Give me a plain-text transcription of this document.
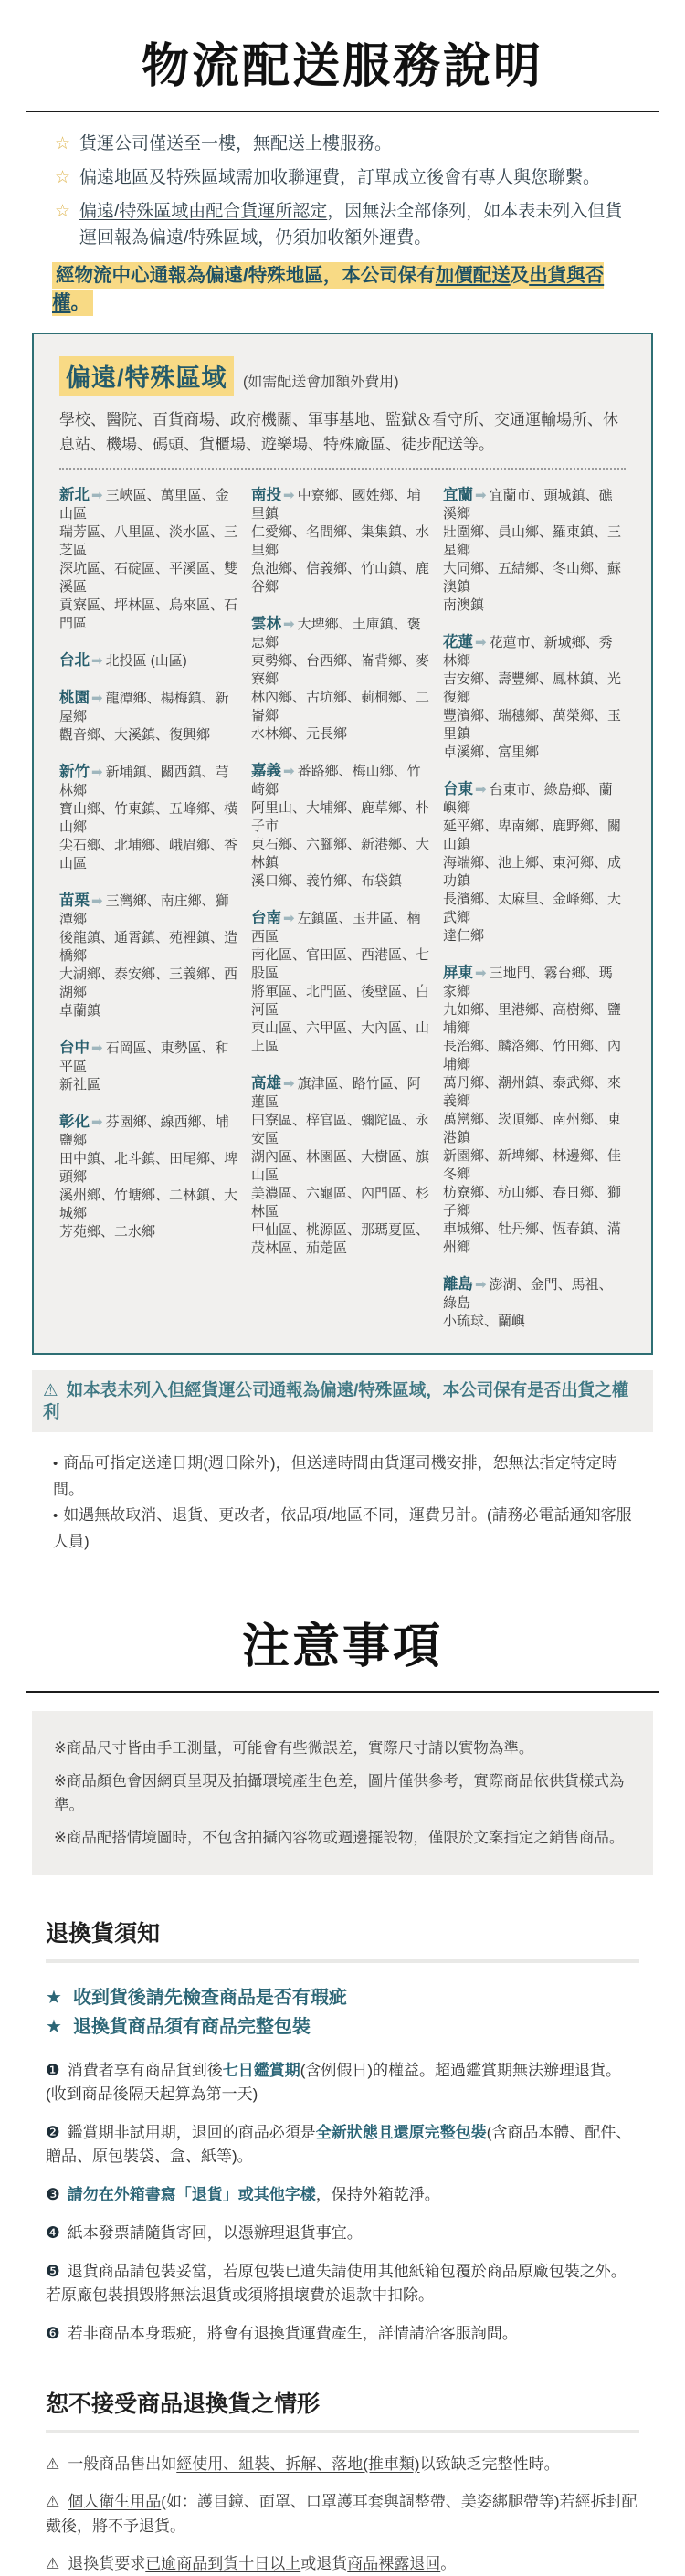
物流配送服務說明

☆ 貨運公司僅送至一樓，無配送上樓服務。

☆ 偏遠地區及特殊區域需加收聯運費，訂單成立後會有專人與您聯繫。

☆ 偏遠/特殊區域由配合貨運所認定，因無法全部條列，如本表未列入但貨運回報為偏遠/特殊區域，仍須加收額外運費。

經物流中心通報為偏遠/特殊地區，本公司保有加價配送及出貨與否權。

偏遠/特殊區域 (如需配送會加額外費用)

學校、醫院、百貨商場、政府機關、軍事基地、監獄＆看守所、交通運輸場所、休息站、機場、碼頭、貨櫃場、遊樂場、特殊廠區、徒步配送等。

新北 ➡ 三峽區、萬里區、金山區
瑞芳區、八里區、淡水區、三芝區
深坑區、石碇區、平溪區、雙溪區
貢寮區、坪林區、烏來區、石門區
台北 ➡ 北投區 (山區)
桃園 ➡ 龍潭鄉、楊梅鎮、新屋鄉
觀音鄉、大溪鎮、復興鄉
新竹 ➡ 新埔鎮、關西鎮、芎林鄉
寶山鄉、竹東鎮、五峰鄉、橫山鄉
尖石鄉、北埔鄉、峨眉鄉、香山區
苗栗 ➡ 三灣鄉、南庄鄉、獅潭鄉
後龍鎮、通霄鎮、苑裡鎮、造橋鄉
大湖鄉、泰安鄉、三義鄉、西湖鄉
卓蘭鎮
台中 ➡ 石岡區、東勢區、和平區
新社區
彰化 ➡ 芬園鄉、線西鄉、埔鹽鄉
田中鎮、北斗鎮、田尾鄉、埤頭鄉
溪州鄉、竹塘鄉、二林鎮、大城鄉
芳苑鄉、二水鄉
南投 ➡ 中寮鄉、國姓鄉、埔里鎮
仁愛鄉、名間鄉、集集鎮、水里鄉
魚池鄉、信義鄉、竹山鎮、鹿谷鄉
雲林 ➡ 大埤鄉、土庫鎮、褒忠鄉
東勢鄉、台西鄉、崙背鄉、麥寮鄉
林內鄉、古坑鄉、莿桐鄉、二崙鄉
水林鄉、元長鄉
嘉義 ➡ 番路鄉、梅山鄉、竹崎鄉
阿里山、大埔鄉、鹿草鄉、朴子市
東石鄉、六腳鄉、新港鄉、大林鎮
溪口鄉、義竹鄉、布袋鎮
台南 ➡ 左鎮區、玉井區、楠西區
南化區、官田區、西港區、七股區
將軍區、北門區、後壁區、白河區
東山區、六甲區、大內區、山上區
高雄 ➡ 旗津區、路竹區、阿蓮區
田寮區、梓官區、彌陀區、永安區
湖內區、林園區、大樹區、旗山區
美濃區、六龜區、內門區、杉林區
甲仙區、桃源區、那瑪夏區、
茂林區、茄萣區
宜蘭 ➡ 宜蘭市、頭城鎮、礁溪鄉
壯圍鄉、員山鄉、羅東鎮、三星鄉
大同鄉、五結鄉、冬山鄉、蘇澳鎮
南澳鎮
花蓮 ➡ 花蓮市、新城鄉、秀林鄉
吉安鄉、壽豐鄉、鳳林鎮、光復鄉
豐濱鄉、瑞穗鄉、萬榮鄉、玉里鎮
卓溪鄉、富里鄉
台東 ➡ 台東市、綠島鄉、蘭嶼鄉
延平鄉、卑南鄉、鹿野鄉、關山鎮
海端鄉、池上鄉、東河鄉、成功鎮
長濱鄉、太麻里、金峰鄉、大武鄉
達仁鄉
屏東 ➡ 三地門、霧台鄉、瑪家鄉
九如鄉、里港鄉、高樹鄉、鹽埔鄉
長治鄉、麟洛鄉、竹田鄉、內埔鄉
萬丹鄉、潮州鎮、泰武鄉、來義鄉
萬巒鄉、崁頂鄉、南州鄉、東港鎮
新園鄉、新埤鄉、林邊鄉、佳冬鄉
枋寮鄉、枋山鄉、春日鄉、獅子鄉
車城鄉、牡丹鄉、恆春鎮、滿州鄉
離島 ➡ 澎湖、金門、馬祖、綠島
小琉球、蘭嶼
⚠ 如本表未列入但經貨運公司通報為偏遠/特殊區域，本公司保有是否出貨之權利

• 商品可指定送達日期(週日除外)，但送達時間由貨運司機安排，恕無法指定特定時間。

• 如遇無故取消、退貨、更改者，依品項/地區不同，運費另計。(請務必電話通知客服人員)

注意事項

※商品尺寸皆由手工測量，可能會有些微誤差，實際尺寸請以實物為準。

※商品顏色會因網頁呈現及拍攝環境產生色差，圖片僅供參考，實際商品依供貨樣式為準。

※商品配搭情境圖時，不包含拍攝內容物或週邊擺設物，僅限於文案指定之銷售商品。

退換貨須知

★ 收到貨後請先檢查商品是否有瑕疵

★ 退換貨商品須有商品完整包裝

❶ 消費者享有商品貨到後七日鑑賞期(含例假日)的權益。超過鑑賞期無法辦理退貨。(收到商品後隔天起算為第一天)

❷ 鑑賞期非試用期，退回的商品必須是全新狀態且還原完整包裝(含商品本體、配件、贈品、原包裝袋、盒、紙等)。

❸ 請勿在外箱書寫「退貨」或其他字樣，保持外箱乾淨。

❹ 紙本發票請隨貨寄回，以憑辦理退貨事宜。

❺ 退貨商品請包裝妥當，若原包裝已遺失請使用其他紙箱包覆於商品原廠包裝之外。若原廠包裝損毀將無法退貨或須將損壞費於退款中扣除。

❻ 若非商品本身瑕疵，將會有退換貨運費產生，詳情請洽客服詢問。

恕不接受商品退換貨之情形

⚠ 一般商品售出如經使用、組裝、拆解、落地(推車類)以致缺乏完整性時。

⚠ 個人衛生用品(如：護目鏡、面罩、口罩護耳套與調整帶、美姿綁腿帶等)若經拆封配戴後，將不予退貨。

⚠ 退換貨要求已逾商品到貨十日以上或退貨商品裸露退回。
